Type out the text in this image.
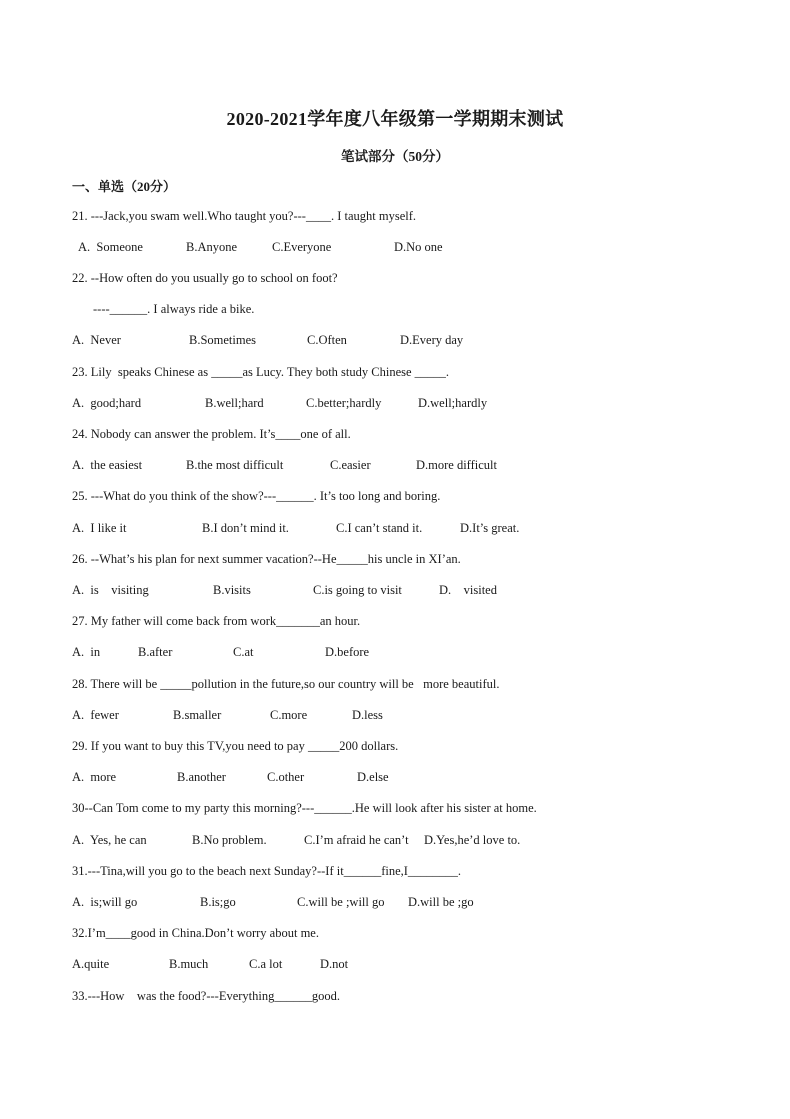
2020-2021学年度八年级第一学期期末测试
笔试部分（50分）
一、单选（20分）
21. ---Jack,you swam well.Who taught you?---____. I taught myself.
A.  Someone	B.Anyone	C.Everyone	D.No one
22. --How often do you usually go to school on foot?
----______. I always ride a bike.
A.  Never	B.Sometimes	C.Often	D.Every day
23. Lily  speaks Chinese as _____as Lucy. They both study Chinese _____.
A.  good;hard	B.well;hard	C.better;hardly	D.well;hardly
24. Nobody can answer the problem. It’s____one of all.
A.  the easiest	B.the most difficult	C.easier	D.more difficult
25. ---What do you think of the show?---______. It’s too long and boring.
A.  I like it	B.I don’t mind it.	C.I can’t stand it.	D.It’s great.
26. --What’s his plan for next summer vacation?--He_____his uncle in XI’an.
A.  is    visiting	B.visits	C.is going to visit	D.    visited
27. My father will come back from work_______an hour.
A.  in	B.after	C.at	D.before
28. There will be _____pollution in the future,so our country will be   more beautiful.
A.  fewer	B.smaller	C.more	D.less
29. If you want to buy this TV,you need to pay _____200 dollars.
A.  more	B.another	C.other	D.else
30--Can Tom come to my party this morning?---______.He will look after his sister at home.
A.  Yes, he can	B.No problem.	C.I’m afraid he can’t D.Yes,he’d love to.
31.---Tina,will you go to the beach next Sunday?--If it______fine,I________.
A.  is;will go	B.is;go	C.will be ;will go D.will be ;go
32.I’m____good in China.Don’t worry about me.
A.quite	B.much	C.a lot	D.not
33.---How    was the food?---Everything______good.
